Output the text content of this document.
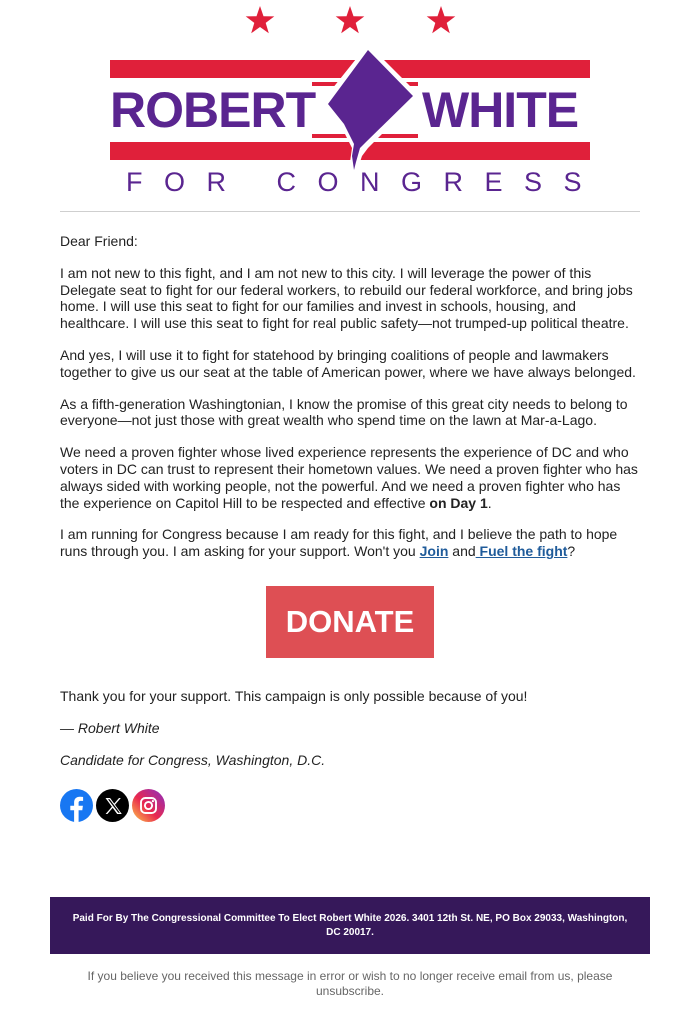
ROBERT WHITE
FOR CONGRESS

Dear Friend:

I am not new to this fight, and I am not new to this city. I will leverage the power of this Delegate seat to fight for our federal workers, to rebuild our federal workforce, and bring jobs home. I will use this seat to fight for our families and invest in schools, housing, and healthcare. I will use this seat to fight for real public safety—not trumped-up political theatre.

And yes, I will use it to fight for statehood by bringing coalitions of people and lawmakers together to give us our seat at the table of American power, where we have always belonged.

As a fifth-generation Washingtonian, I know the promise of this great city needs to belong to everyone—not just those with great wealth who spend time on the lawn at Mar-a-Lago.

We need a proven fighter whose lived experience represents the experience of DC and who voters in DC can trust to represent their hometown values. We need a proven fighter who has always sided with working people, not the powerful. And we need a proven fighter who has the experience on Capitol Hill to be respected and effective on Day 1.

I am running for Congress because I am ready for this fight, and I believe the path to hope runs through you. I am asking for your support. Won't you Join and Fuel the fight?

DONATE

Thank you for your support. This campaign is only possible because of you!

— Robert White

Candidate for Congress, Washington, D.C.

Paid For By The Congressional Committee To Elect Robert White 2026. 3401 12th St. NE, PO Box 29033, Washington, DC 20017.
If you believe you received this message in error or wish to no longer receive email from us, please unsubscribe.
